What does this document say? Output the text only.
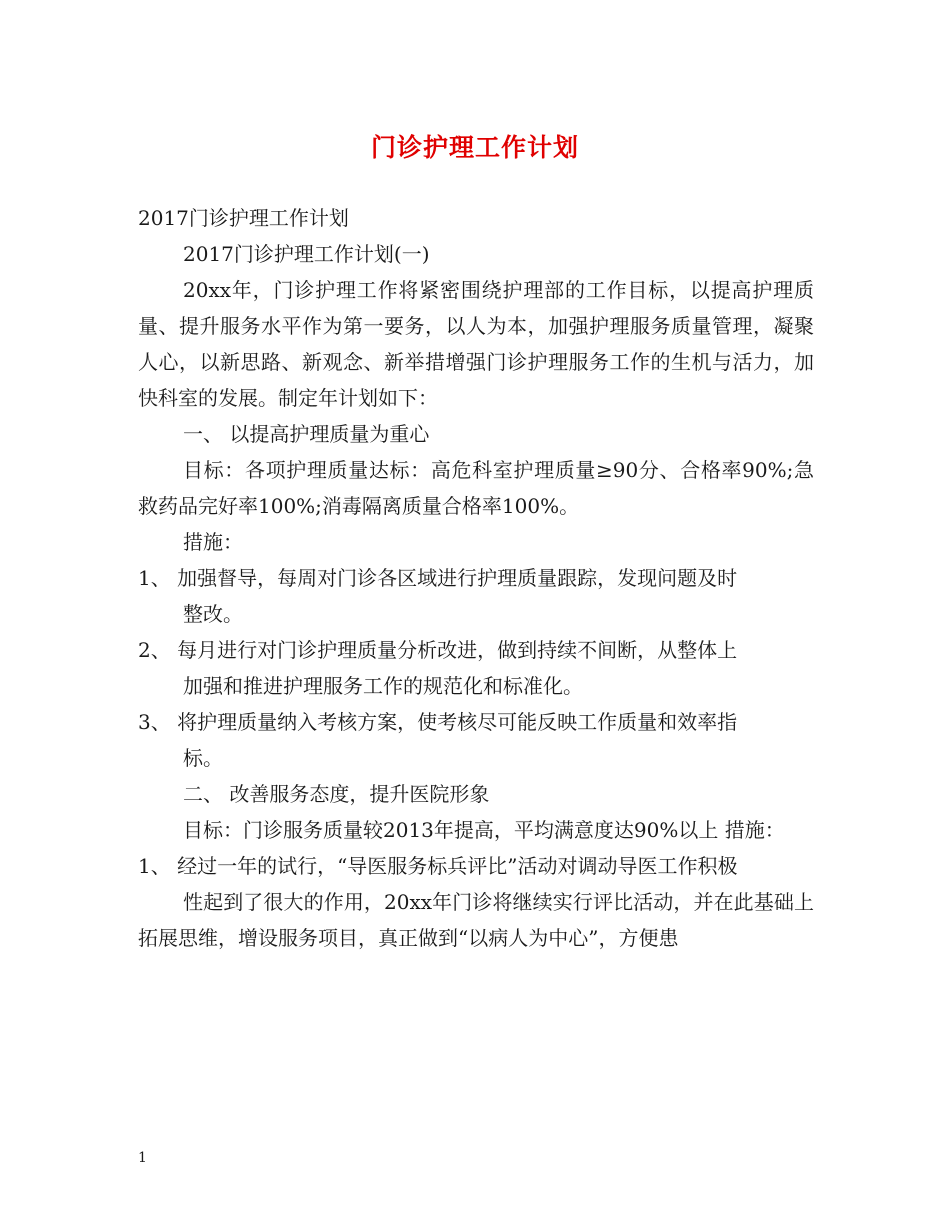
门诊护理工作计划

2017门诊护理工作计划

2017门诊护理工作计划(一)

20xx年，门诊护理工作将紧密围绕护理部的工作目标，以提高护理质量、提升服务水平作为第一要务，以人为本，加强护理服务质量管理，凝聚人心，以新思路、新观念、新举措增强门诊护理服务工作的生机与活力，加快科室的发展。制定年计划如下：

一、 以提高护理质量为重心

目标：各项护理质量达标：高危科室护理质量≥90分、合格率90%;急救药品完好率100%;消毒隔离质量合格率100%。

措施：

1、 加强督导，每周对门诊各区域进行护理质量跟踪，发现问题及时

整改。

2、 每月进行对门诊护理质量分析改进，做到持续不间断，从整体上

加强和推进护理服务工作的规范化和标准化。

3、 将护理质量纳入考核方案，使考核尽可能反映工作质量和效率指

标。

二、 改善服务态度，提升医院形象

目标：门诊服务质量较2013年提高，平均满意度达90%以上 措施：

1、 经过一年的试行，“导医服务标兵评比”活动对调动导医工作积极

性起到了很大的作用，20xx年门诊将继续实行评比活动，并在此基础上拓展思维，增设服务项目，真正做到“以病人为中心”，方便患

1
